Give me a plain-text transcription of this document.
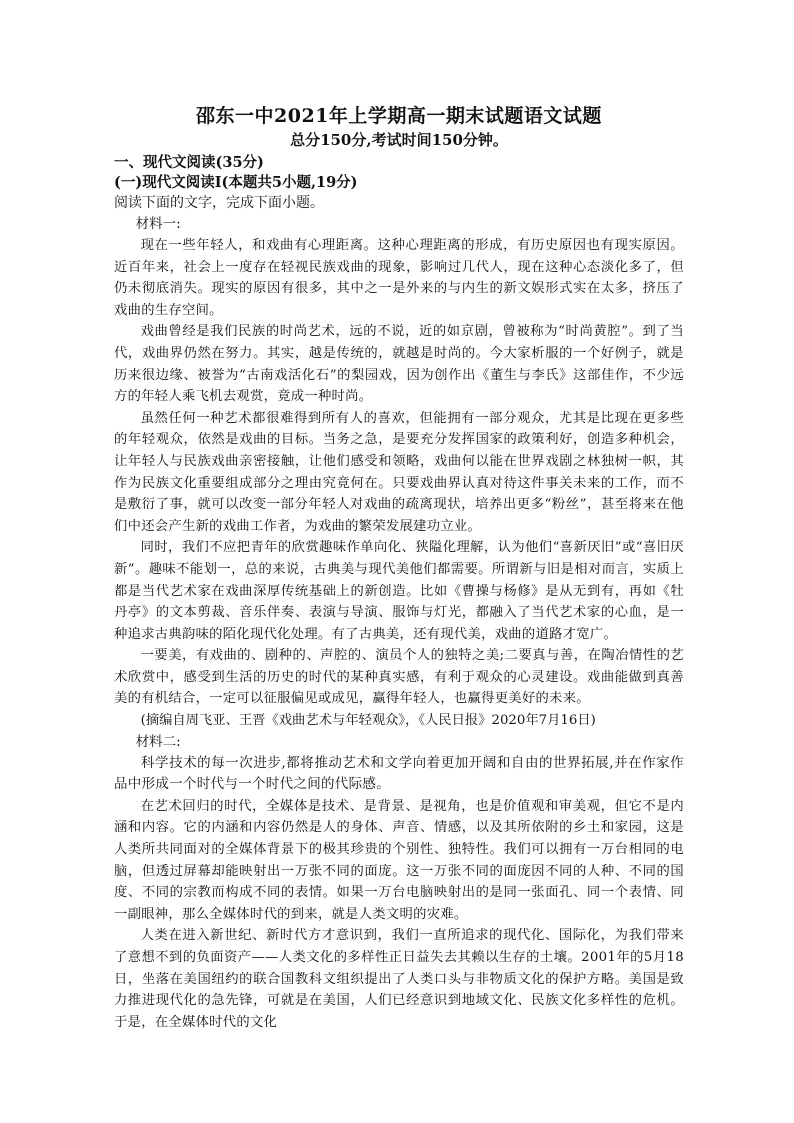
邵东一中2021年上学期高一期末试题语文试题
总分150分,考试时间150分钟。
一、现代文阅读(35分)
(一)现代文阅读Ⅰ(本题共5小题,19分)
阅读下面的文字，完成下面小题。
材料一:

现在一些年轻人，和戏曲有心理距离。这种心理距离的形成，有历史原因也有现实原因。近百年来，社会上一度存在轻视民族戏曲的现象，影响过几代人，现在这种心态淡化多了，但仍未彻底消失。现实的原因有很多，其中之一是外来的与内生的新文娱形式实在太多，挤压了戏曲的生存空间。

戏曲曾经是我们民族的时尚艺术，远的不说，近的如京剧，曾被称为“时尚黄腔”。到了当代，戏曲界仍然在努力。其实，越是传统的，就越是时尚的。今大家析服的一个好例子，就是历来很边缘、被誉为“古南戏活化石”的梨园戏，因为创作出《董生与李氏》这部佳作，不少远方的年轻人乘飞机去观赏，竟成一种时尚。

虽然任何一种艺术都很难得到所有人的喜欢，但能拥有一部分观众，尤其是比现在更多些的年轻观众，依然是戏曲的目标。当务之急，是要充分发挥国家的政策利好，创造多种机会，让年轻人与民族戏曲亲密接触，让他们感受和领略，戏曲何以能在世界戏剧之林独树一帜，其作为民族文化重要组成部分之理由究竟何在。只要戏曲界认真对待这件事关未来的工作，而不是敷衍了事，就可以改变一部分年轻人对戏曲的疏离现状，培养出更多“粉丝”，甚至将来在他们中还会产生新的戏曲工作者，为戏曲的繁荣发展建功立业。

同时，我们不应把青年的欣赏趣味作单向化、狭隘化理解，认为他们“喜新厌旧”或“喜旧厌新”。趣味不能划一，总的来说，古典美与现代美他们都需要。所谓新与旧是相对而言，实质上都是当代艺术家在戏曲深厚传统基础上的新创造。比如《曹操与杨修》是从无到有，再如《牡丹亭》的文本剪裁、音乐伴奏、表演与导演、服饰与灯光，都融入了当代艺术家的心血，是一种追求古典韵味的陌化现代化处理。有了古典美，还有现代美，戏曲的道路才宽广。

一要美，有戏曲的、剧种的、声腔的、演员个人的独特之美;二要真与善，在陶冶情性的艺术欣赏中，感受到生活的历史的时代的某种真实感，有利于观众的心灵建设。戏曲能做到真善美的有机结合，一定可以征服偏见或成见，赢得年轻人，也赢得更美好的未来。

(摘编自周飞亚、王晋《戏曲艺术与年轻观众》，《人民日报》2020年7月16日)

材料二:

科学技术的每一次进步,都将推动艺术和文学向着更加开阔和自由的世界拓展,并在作家作品中形成一个时代与一个时代之间的代际感。

在艺术回归的时代，全媒体是技术、是背景、是视角，也是价值观和审美观，但它不是内涵和内容。它的内涵和内容仍然是人的身体、声音、情感，以及其所依附的乡土和家园，这是人类所共同面对的全媒体背景下的极其珍贵的个别性、独特性。我们可以拥有一万台相同的电脑，但透过屏幕却能映射出一万张不同的面庞。这一万张不同的面庞因不同的人种、不同的国度、不同的宗教而构成不同的表情。如果一万台电脑映射出的是同一张面孔、同一个表情、同一副眼神，那么全媒体时代的到来，就是人类文明的灾难。

人类在进入新世纪、新时代方才意识到，我们一直所追求的现代化、国际化，为我们带来了意想不到的负面资产——人类文化的多样性正日益失去其赖以生存的土壤。2001年的5月18日，坐落在美国纽约的联合国教科文组织提出了人类口头与非物质文化的保护方略。美国是致力推进现代化的急先锋，可就是在美国，人们已经意识到地域文化、民族文化多样性的危机。于是，在全媒体时代的文化
